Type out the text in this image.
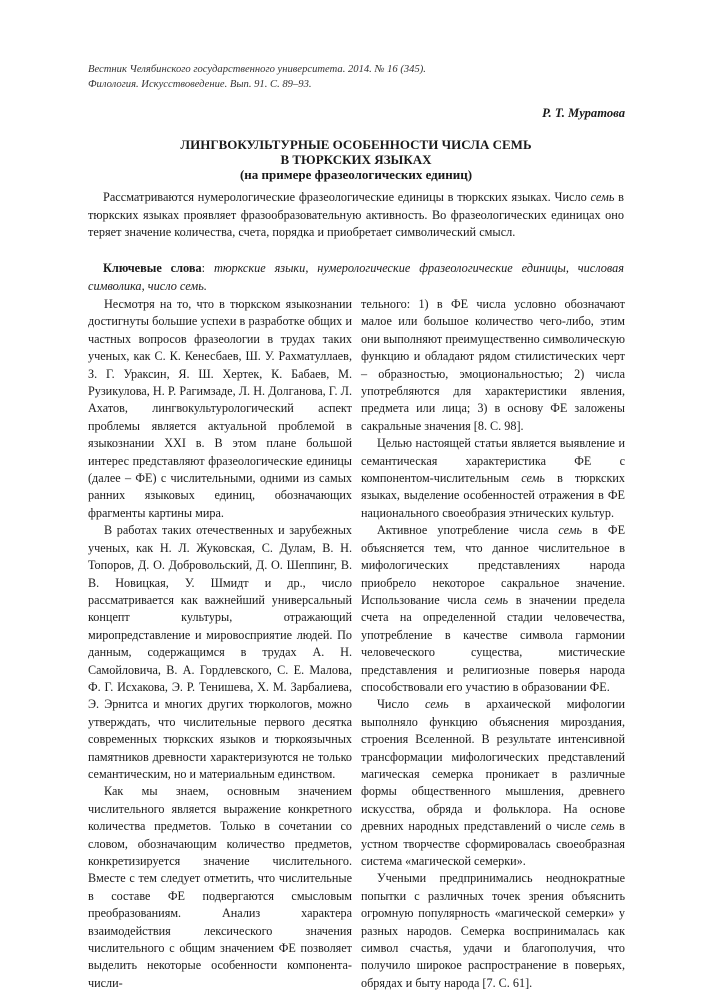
Вестник Челябинского государственного университета. 2014. № 16 (345).
Филология. Искусствоведение. Вып. 91. С. 89–93.
Р. Т. Муратова
ЛИНГВОКУЛЬТУРНЫЕ ОСОБЕННОСТИ ЧИСЛА СЕМЬ
В ТЮРКСКИХ ЯЗЫКАХ
(на примере фразеологических единиц)

Рассматриваются нумерологические фразеологические единицы в тюркских языках. Число семь в тюркских языках проявляет фразообразовательную активность. Во фразеологических единицах оно теряет значение количества, счета, порядка и приобретает символический смысл.

Ключевые слова: тюркские языки, нумерологические фразеологические единицы, числовая символика, число семь.

Несмотря на то, что в тюркском языкознании достигнуты большие успехи в разработке общих и частных вопросов фразеологии в трудах таких ученых, как С. К. Кенесбаев, Ш. У. Рахматуллаев, З. Г. Ураксин, Я. Ш. Хертек, К. Бабаев, М. Рузикулова, Н. Р. Рагимзаде, Л. Н. Долганова, Г. Л. Ахатов, лингвокультурологический аспект проблемы является актуальной проблемой в языкознании XXI в. В этом плане большой интерес представляют фразеологические единицы (далее – ФЕ) с числительными, одними из самых ранних языковых единиц, обозначающих фрагменты картины мира.

В работах таких отечественных и зарубежных ученых, как Н. Л. Жуковская, С. Дулам, В. Н. Топоров, Д. О. Добровольский, Д. О. Шеппинг, В. В. Новицкая, У. Шмидт и др., число рассматривается как важнейший универсальный концепт культуры, отражающий миропредставление и мировосприятие людей. По данным, содержащимся в трудах А. Н. Самойловича, В. А. Гордлевского, С. Е. Малова, Ф. Г. Исхакова, Э. Р. Тенишева, Х. М. Зарбалиева, Э. Эрнитса и многих других тюркологов, можно утверждать, что числительные первого десятка современных тюркских языков и тюркоязычных памятников древности характеризуются не только семантическим, но и материальным единством.

Как мы знаем, основным значением числительного является выражение конкретного количества предметов. Только в сочетании со словом, обозначающим количество предметов, конкретизируется значение числительного. Вместе с тем следует отметить, что числительные в составе ФЕ подвергаются смысловым преобразованиям. Анализ характера взаимодействия лексического значения числительного с общим значением ФЕ позволяет выделить некоторые особенности компонента-числи-

тельного: 1) в ФЕ числа условно обозначают малое или большое количество чего-либо, этим они выполняют преимущественно символическую функцию и обладают рядом стилистических черт – образностью, эмоциональностью; 2) числа употребляются для характеристики явления, предмета или лица; 3) в основу ФЕ заложены сакральные значения [8. С. 98].

Целью настоящей статьи является выявление и семантическая характеристика ФЕ с компонентом-числительным семь в тюркских языках, выделение особенностей отражения в ФЕ национального своеобразия этнических культур.

Активное употребление числа семь в ФЕ объясняется тем, что данное числительное в мифологических представлениях народа приобрело некоторое сакральное значение. Использование числа семь в значении предела счета на определенной стадии человечества, употребление в качестве символа гармонии человеческого существа, мистические представления и религиозные поверья народа способствовали его участию в образовании ФЕ.

Число семь в архаической мифологии выполняло функцию объяснения мироздания, строения Вселенной. В результате интенсивной трансформации мифологических представлений магическая семерка проникает в различные формы общественного мышления, древнего искусства, обряда и фольклора. На основе древних народных представлений о числе семь в устном творчестве сформировалась своеобразная система «магической семерки».

Учеными предпринимались неоднократные попытки с различных точек зрения объяснить огромную популярность «магической семерки» у разных народов. Семерка воспринималась как символ счастья, удачи и благополучия, что получило широкое распространение в поверьях, обрядах и быту народа [7. С. 61].
